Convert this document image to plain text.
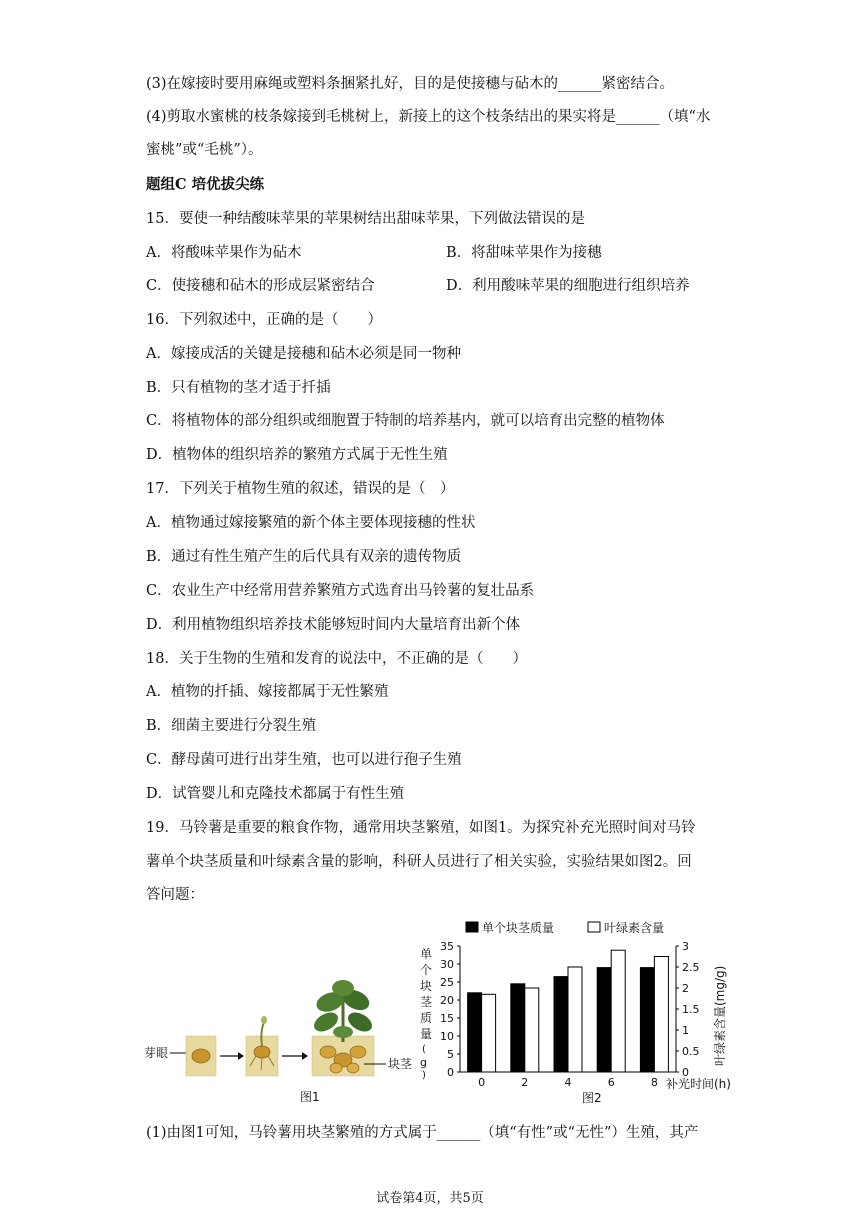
(3)在嫁接时要用麻绳或塑料条捆紧扎好，目的是使接穗与砧木的______紧密结合。
(4)剪取水蜜桃的枝条嫁接到毛桃树上，新接上的这个枝条结出的果实将是______（填“水
蜜桃”或“毛桃”）。
题组C 培优拔尖练
15．要使一种结酸味苹果的苹果树结出甜味苹果，下列做法错误的是
A．将酸味苹果作为砧木	B．将甜味苹果作为接穗
C．使接穗和砧木的形成层紧密结合	D．利用酸味苹果的细胞进行组织培养
16．下列叙述中，正确的是（　　）
A．嫁接成活的关键是接穗和砧木必须是同一物种
B．只有植物的茎才适于扦插
C．将植物体的部分组织或细胞置于特制的培养基内，就可以培育出完整的植物体
D．植物体的组织培养的繁殖方式属于无性生殖
17．下列关于植物生殖的叙述，错误的是（　）
A．植物通过嫁接繁殖的新个体主要体现接穗的性状
B．通过有性生殖产生的后代具有双亲的遗传物质
C．农业生产中经常用营养繁殖方式选育出马铃薯的复壮品系
D．利用植物组织培养技术能够短时间内大量培育出新个体
18．关于生物的生殖和发育的说法中，不正确的是（　　）
A．植物的扦插、嫁接都属于无性繁殖
B．细菌主要进行分裂生殖
C．酵母菌可进行出芽生殖，也可以进行孢子生殖
D．试管婴儿和克隆技术都属于有性生殖
19．马铃薯是重要的粮食作物，通常用块茎繁殖，如图1。为探究补充光照时间对马铃
薯单个块茎质量和叶绿素含量的影响，科研人员进行了相关实验，实验结果如图2。回
答问题：
芽眼
块茎
图1
单个块茎质量	叶绿素含量
单
个
块
茎
质
量
(
g
)
叶绿素含量(mg/g)
0
5
10
15
20
25
30
35
0
0.5
1
1.5
2
2.5
3
0	2	4	6	8 补光时间(h)
图2
(1)由图1可知，马铃薯用块茎繁殖的方式属于______（填“有性”或“无性”）生殖，其产
试卷第4页，共5页
